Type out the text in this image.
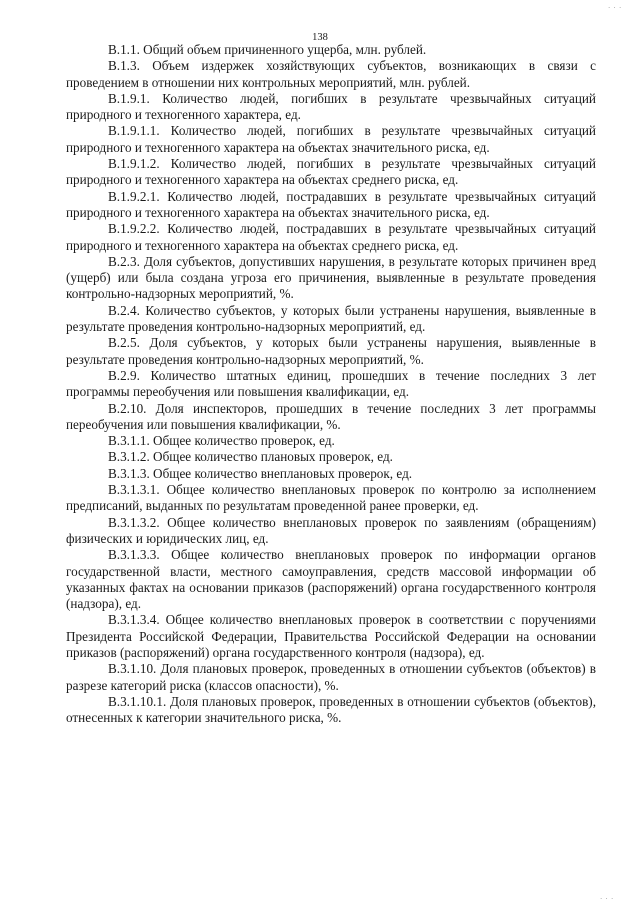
. . .
138

В.1.1. Общий объем причиненного ущерба, млн. рублей.

В.1.3. Объем издержек хозяйствующих субъектов, возникающих в связи с проведением в отношении них контрольных мероприятий, млн. рублей.

В.1.9.1. Количество людей, погибших в результате чрезвычайных ситуаций природного и техногенного характера, ед.

В.1.9.1.1. Количество людей, погибших в результате чрезвычайных ситуаций природного и техногенного характера на объектах значительного риска, ед.

В.1.9.1.2. Количество людей, погибших в результате чрезвычайных ситуаций природного и техногенного характера на объектах среднего риска, ед.

В.1.9.2.1. Количество людей, пострадавших в результате чрезвычайных ситуаций природного и техногенного характера на объектах значительного риска, ед.

В.1.9.2.2. Количество людей, пострадавших в результате чрезвычайных ситуаций природного и техногенного характера на объектах среднего риска, ед.

В.2.3. Доля субъектов, допустивших нарушения, в результате которых причинен вред (ущерб) или была создана угроза его причинения, выявленные в результате проведения контрольно-надзорных мероприятий, %.

В.2.4. Количество субъектов, у которых были устранены нарушения, выявленные в результате проведения контрольно-надзорных мероприятий, ед.

В.2.5. Доля субъектов, у которых были устранены нарушения, выявленные в результате проведения контрольно-надзорных мероприятий, %.

В.2.9. Количество штатных единиц, прошедших в течение последних 3 лет программы переобучения или повышения квалификации, ед.

В.2.10. Доля инспекторов, прошедших в течение последних 3 лет программы переобучения или повышения квалификации, %.

В.3.1.1. Общее количество проверок, ед.

В.3.1.2. Общее количество плановых проверок, ед.

В.3.1.3. Общее количество внеплановых проверок, ед.

В.3.1.3.1. Общее количество внеплановых проверок по контролю за исполнением предписаний, выданных по результатам проведенной ранее проверки, ед.

В.3.1.3.2. Общее количество внеплановых проверок по заявлениям (обращениям) физических и юридических лиц, ед.

В.3.1.3.3. Общее количество внеплановых проверок по информации органов государственной власти, местного самоуправления, средств массовой информации об указанных фактах на основании приказов (распоряжений) органа государственного контроля (надзора), ед.

В.3.1.3.4. Общее количество внеплановых проверок в соответствии с поручениями Президента Российской Федерации, Правительства Российской Федерации на основании приказов (распоряжений) органа государственного контроля (надзора), ед.

В.3.1.10. Доля плановых проверок, проведенных в отношении субъектов (объектов) в разрезе категорий риска (классов опасности), %.

В.3.1.10.1. Доля плановых проверок, проведенных в отношении субъектов (объектов), отнесенных к категории значительного риска, %.

. . .
